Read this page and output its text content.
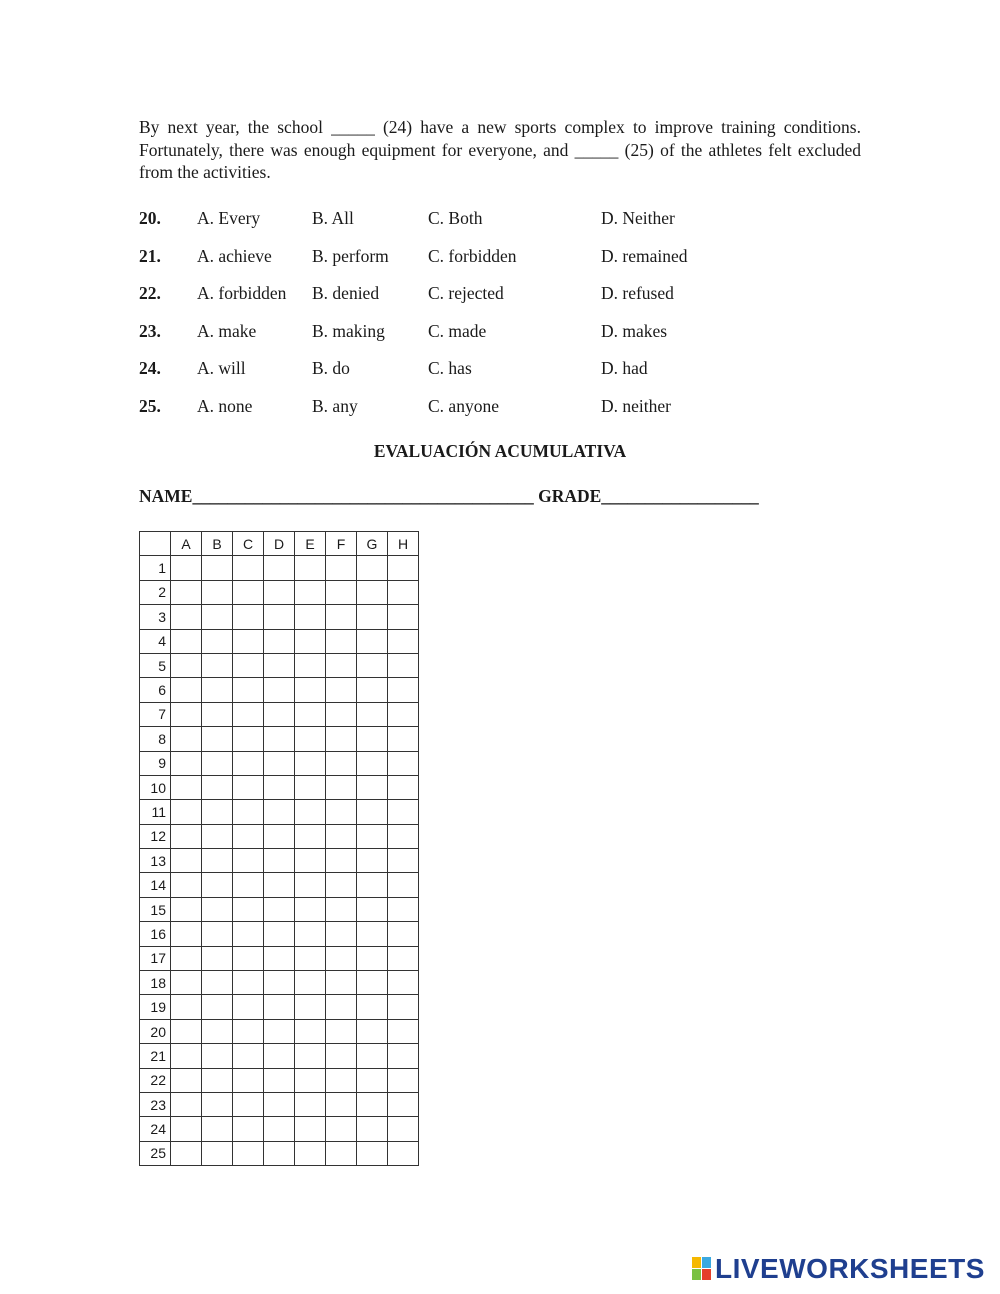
By next year, the school _____ (24) have a new sports complex to improve training conditions. Fortunately, there was enough equipment for everyone, and _____ (25) of the athletes felt excluded from the activities.

20. A. Every	B. All	C. Both	D. Neither
21. A. achieve B. perform C. forbidden	D. remained
22. A. forbidden B. denied	C. rejected	D. refused
23. A. make	B. making C. made	D. makes
24. A. will	B. do	C. has	D. had
25. A. none	B. any	C. anyone	D. neither
EVALUACIÓN ACUMULATIVA
NAME_______________________________________ GRADE__________________
	A	B	C	D	E	F	G	H
1								
2								
3								
4								
5								
6								
7								
8								
9								
10								
11								
12								
13								
14								
15								
16								
17								
18								
19								
20								
21								
22								
23								
24								
25								
LIVEWORKSHEETS
